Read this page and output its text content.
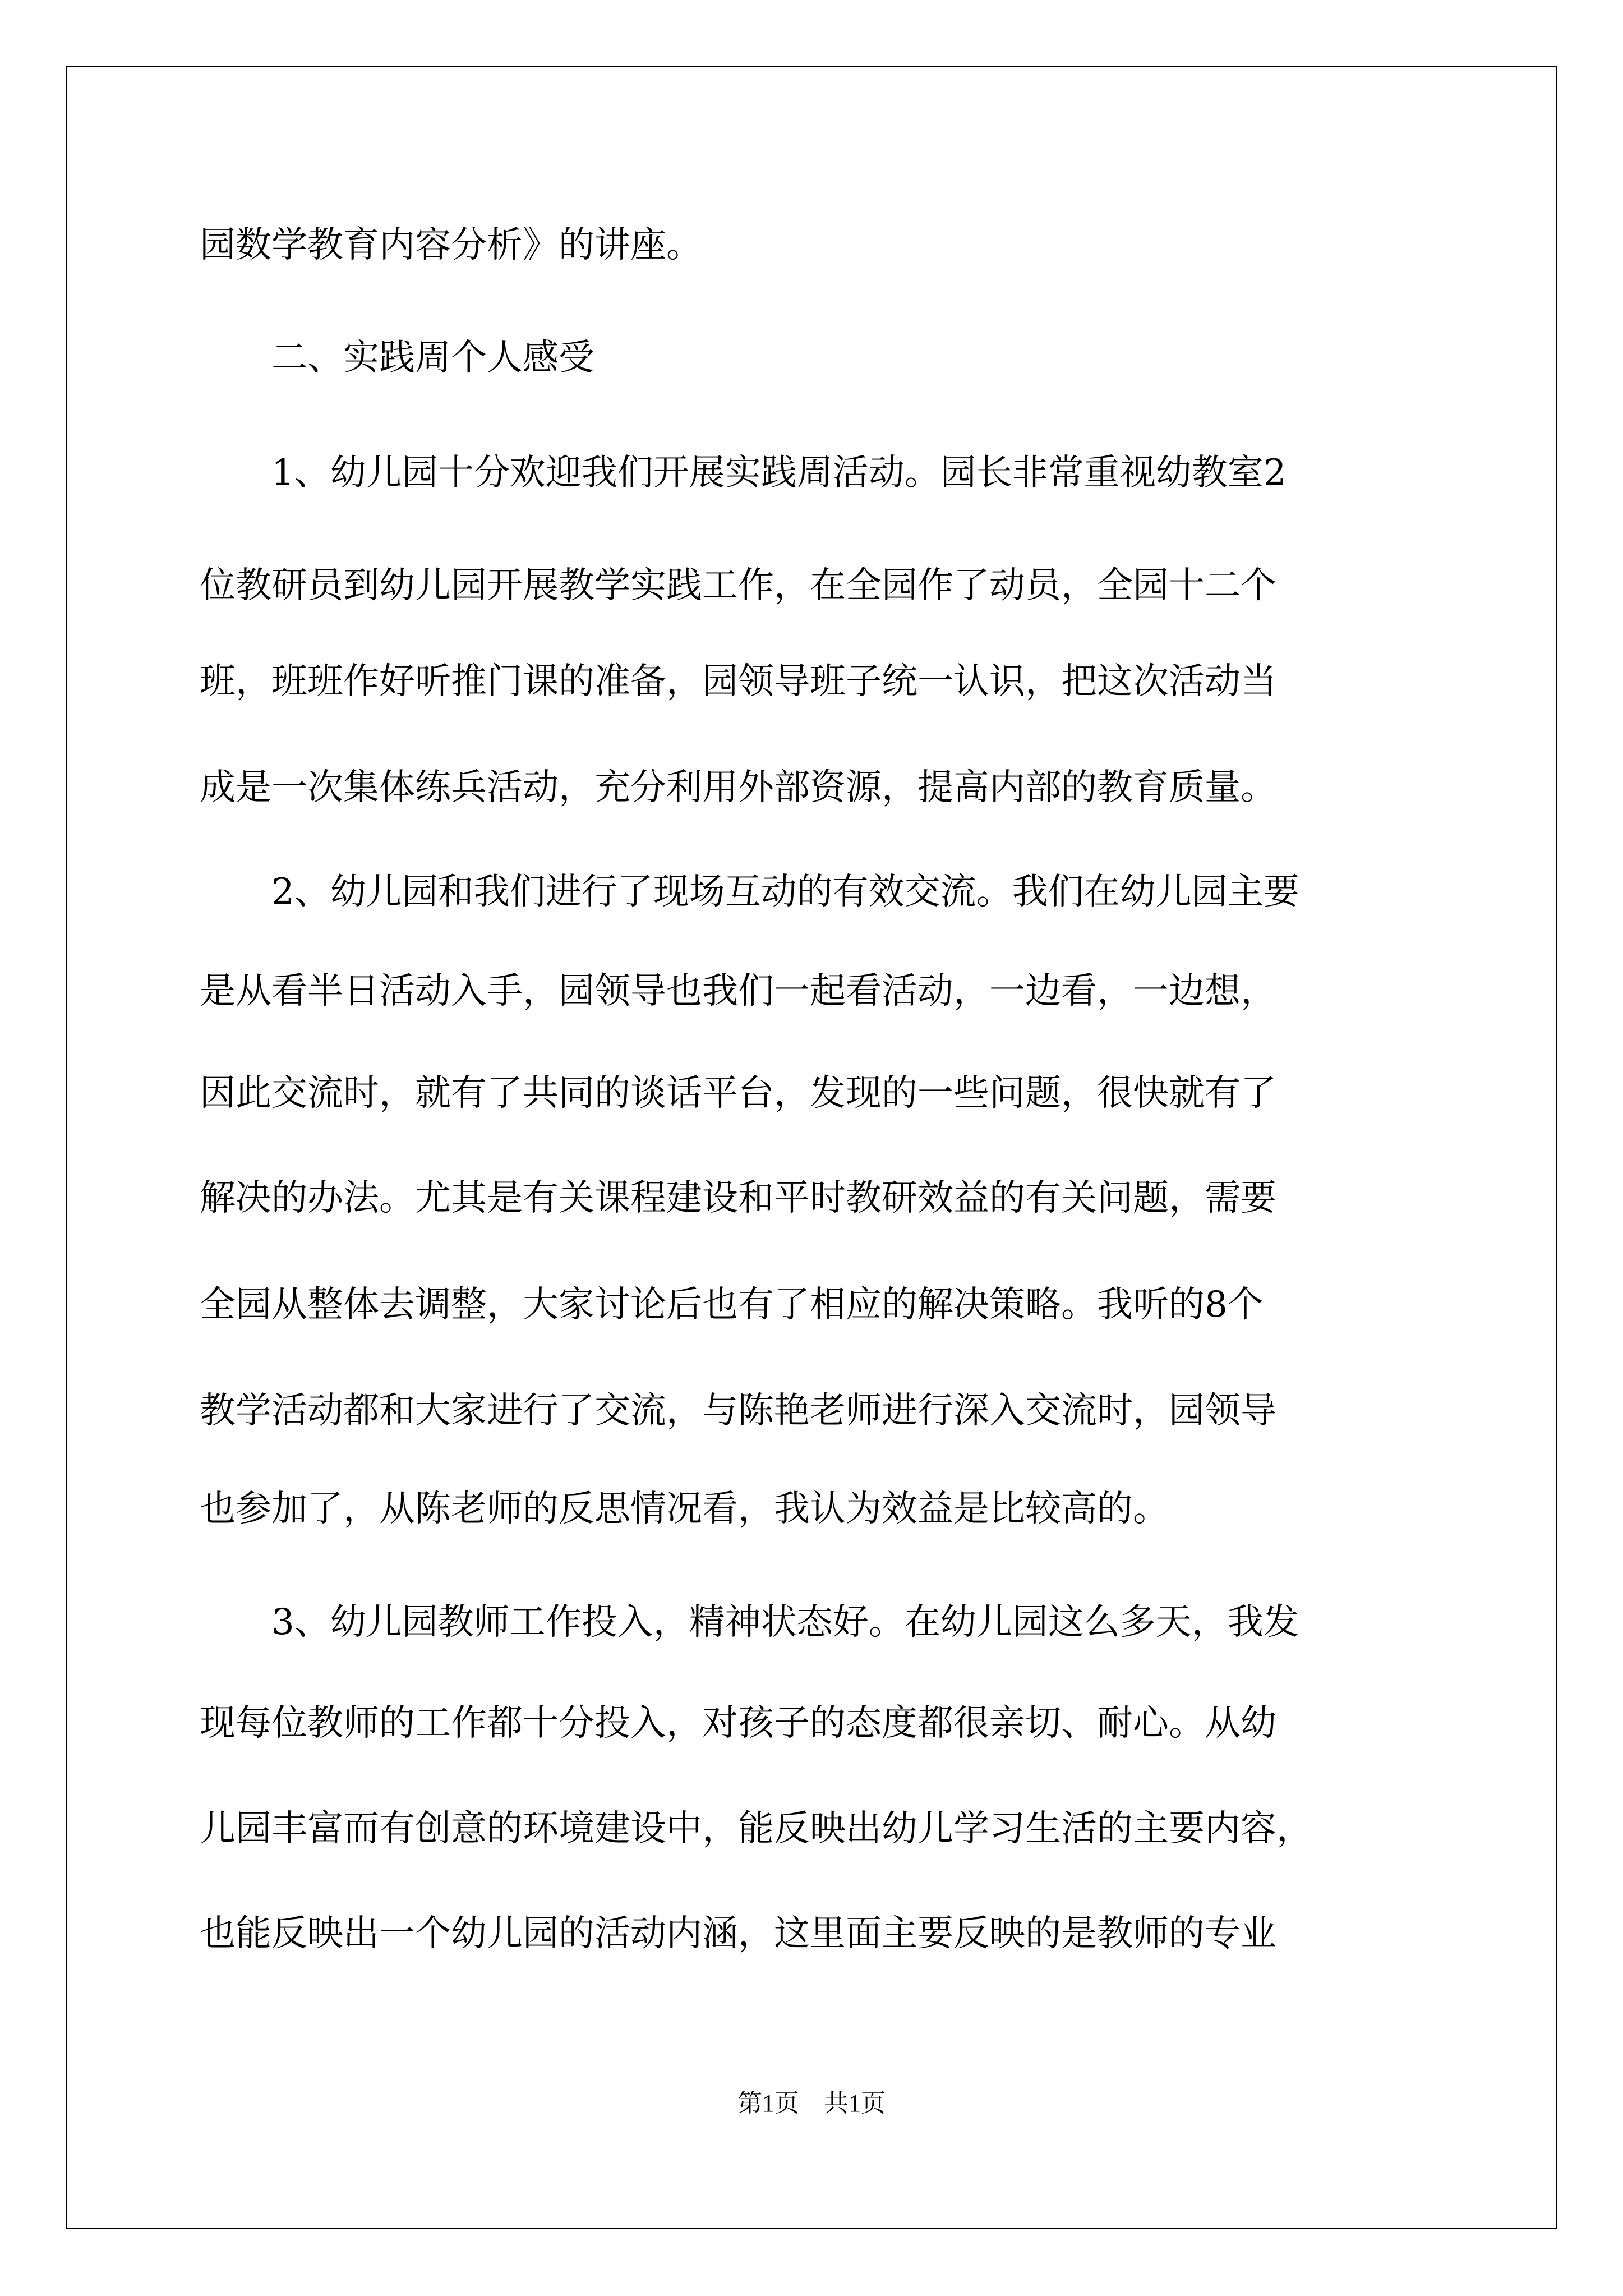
园数学教育内容分析》的讲座。
　　二、实践周个人感受
　　1、幼儿园十分欢迎我们开展实践周活动。园长非常重视幼教室2
位教研员到幼儿园开展教学实践工作，在全园作了动员，全园十二个
班，班班作好听推门课的准备，园领导班子统一认识，把这次活动当
成是一次集体练兵活动，充分利用外部资源，提高内部的教育质量。
　　2、幼儿园和我们进行了现场互动的有效交流。我们在幼儿园主要
是从看半日活动入手，园领导也我们一起看活动，一边看，一边想，
因此交流时，就有了共同的谈话平台，发现的一些问题，很快就有了
解决的办法。尤其是有关课程建设和平时教研效益的有关问题，需要
全园从整体去调整，大家讨论后也有了相应的解决策略。我听的8个
教学活动都和大家进行了交流，与陈艳老师进行深入交流时，园领导
也参加了，从陈老师的反思情况看，我认为效益是比较高的。
　　3、幼儿园教师工作投入，精神状态好。在幼儿园这么多天，我发
现每位教师的工作都十分投入，对孩子的态度都很亲切、耐心。从幼
儿园丰富而有创意的环境建设中，能反映出幼儿学习生活的主要内容，
也能反映出一个幼儿园的活动内涵，这里面主要反映的是教师的专业
第1页　共1页
